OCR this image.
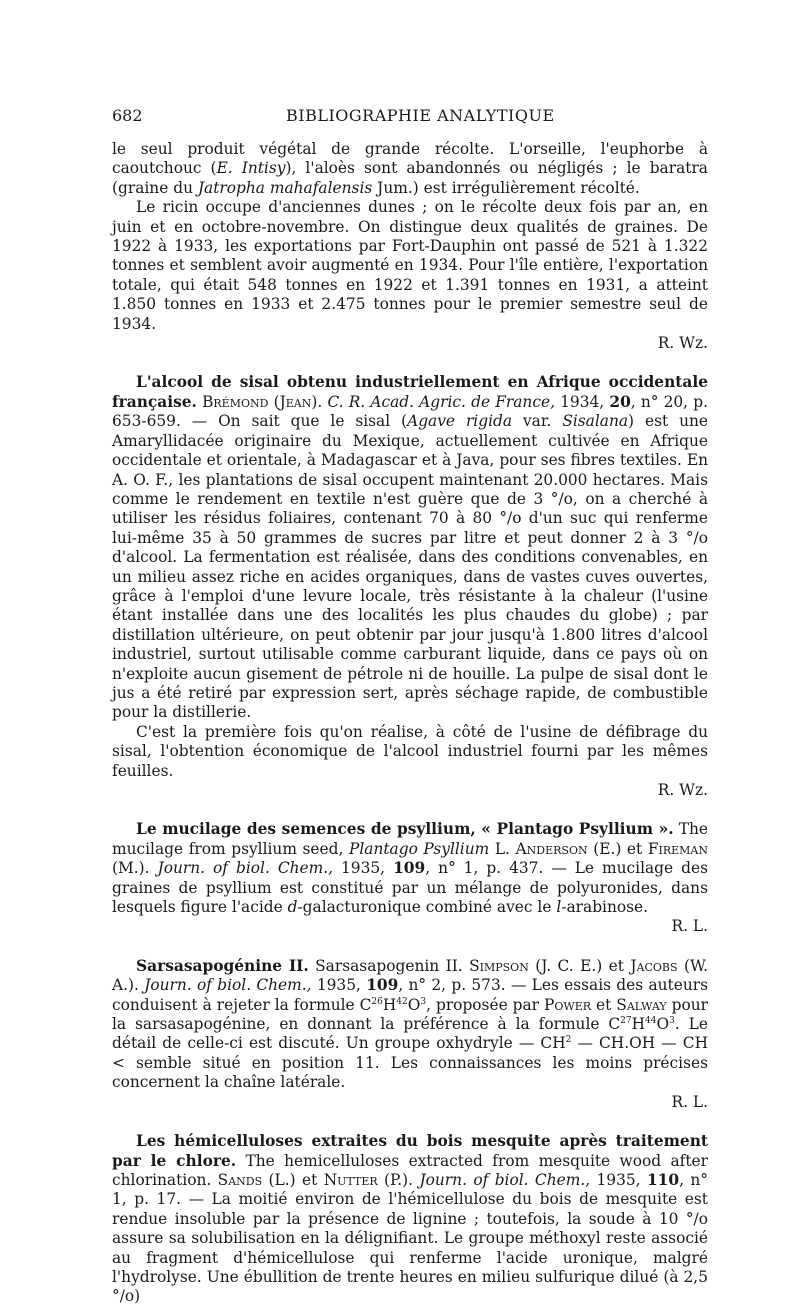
682	BIBLIOGRAPHIE ANALYTIQUE

le seul produit végétal de grande récolte. L'orseille, l'euphorbe à caoutchouc (E. Intisy), l'aloès sont abandonnés ou négligés ; le baratra (graine du Jatropha mahafalensis Jum.) est irrégulièrement récolté.

Le ricin occupe d'anciennes dunes ; on le récolte deux fois par an, en juin et en octobre-novembre. On distingue deux qualités de graines. De 1922 à 1933, les exportations par Fort-Dauphin ont passé de 521 à 1.322 tonnes et semblent avoir augmenté en 1934. Pour l'île entière, l'exportation totale, qui était 548 tonnes en 1922 et 1.391 tonnes en 1931, a atteint 1.850 tonnes en 1933 et 2.475 tonnes pour le premier semestre seul de 1934.

R. Wz.

L'alcool de sisal obtenu industriellement en Afrique occidentale française. Brémond (Jean). C. R. Acad. Agric. de France, 1934, 20, n° 20, p. 653-659. — On sait que le sisal (Agave rigida var. Sisalana) est une Amaryllidacée originaire du Mexique, actuellement cultivée en Afrique occidentale et orientale, à Madagascar et à Java, pour ses fibres textiles. En A. O. F., les plantations de sisal occupent maintenant 20.000 hectares. Mais comme le rendement en textile n'est guère que de 3 °/o, on a cherché à utiliser les résidus foliaires, contenant 70 à 80 °/o d'un suc qui renferme lui-même 35 à 50 grammes de sucres par litre et peut donner 2 à 3 °/o d'alcool. La fermentation est réalisée, dans des conditions convenables, en un milieu assez riche en acides organiques, dans de vastes cuves ouvertes, grâce à l'emploi d'une levure locale, très résistante à la chaleur (l'usine étant installée dans une des localités les plus chaudes du globe) ; par distillation ultérieure, on peut obtenir par jour jusqu'à 1.800 litres d'alcool industriel, surtout utilisable comme carburant liquide, dans ce pays où on n'exploite aucun gisement de pétrole ni de houille. La pulpe de sisal dont le jus a été retiré par expression sert, après séchage rapide, de combustible pour la distillerie.

C'est la première fois qu'on réalise, à côté de l'usine de défibrage du sisal, l'obtention économique de l'alcool industriel fourni par les mêmes feuilles.

R. Wz.

Le mucilage des semences de psyllium, « Plantago Psyllium ». The mucilage from psyllium seed, Plantago Psyllium L. Anderson (E.) et Fireman (M.). Journ. of biol. Chem., 1935, 109, n° 1, p. 437. — Le mucilage des graines de psyllium est constitué par un mélange de polyuronides, dans lesquels figure l'acide d-galacturonique combiné avec le l-arabinose.

R. L.

Sarsasapogénine II. Sarsasapogenin II. Simpson (J. C. E.) et Jacobs (W. A.). Journ. of biol. Chem., 1935, 109, n° 2, p. 573. — Les essais des auteurs conduisent à rejeter la formule $C^{26}H^{42}O^3$, proposée par Power et Salway pour la sarsasapogénine, en donnant la préférence à la formule $C^{27}H^{44}O^3$. Le détail de celle-ci est discuté. Un groupe oxhydryle — $CH^2$ — CH.OH — CH < semble situé en position 11. Les connaissances les moins précises concernent la chaîne latérale.

R. L.

Les hémicelluloses extraites du bois mesquite après traitement par le chlore. The hemicelluloses extracted from mesquite wood after chlorination. Sands (L.) et Nutter (P.). Journ. of biol. Chem., 1935, 110, n° 1, p. 17. — La moitié environ de l'hémicellulose du bois de mesquite est rendue insoluble par la présence de lignine ; toutefois, la soude à 10 °/o assure sa solubilisation en la délignifiant. Le groupe méthoxyl reste associé au fragment d'hémicellulose qui renferme l'acide uronique, malgré l'hydrolyse. Une ébullition de trente heures en milieu sulfurique dilué (à 2,5 °/o)
